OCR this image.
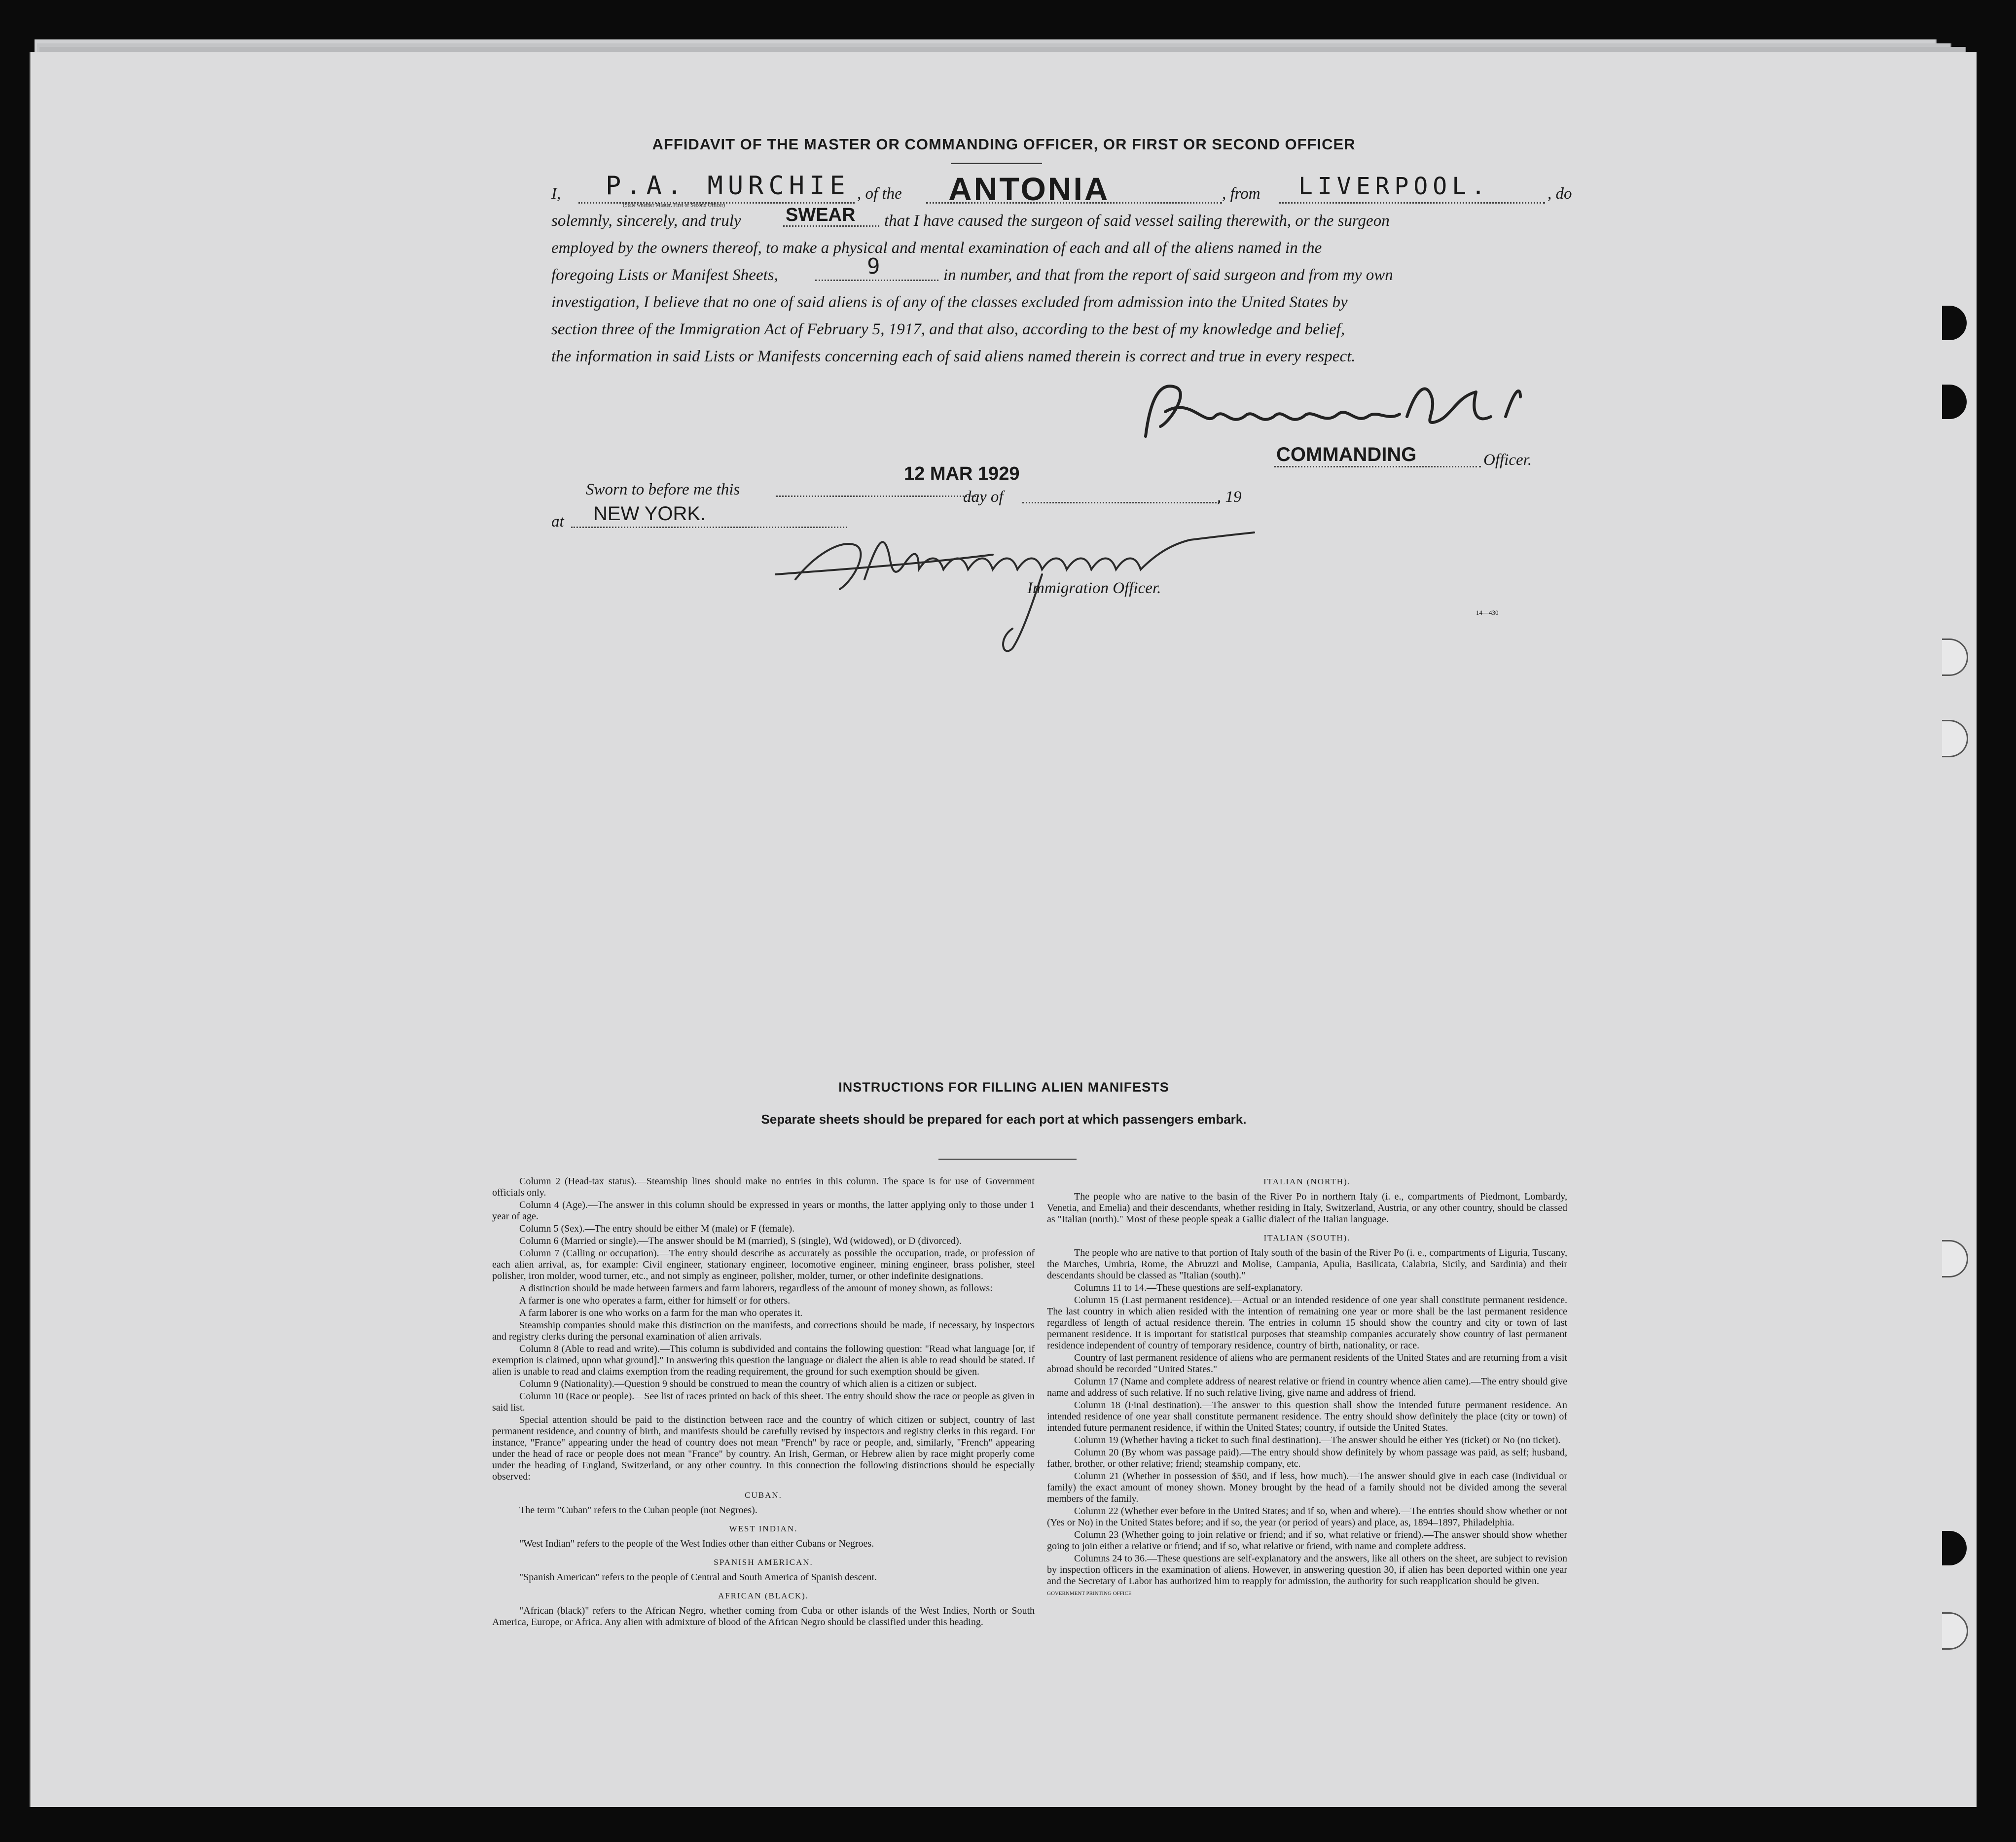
AFFIDAVIT OF THE MASTER OR COMMANDING OFFICER, OR FIRST OR SECOND OFFICER
I, P.A. MURCHIE
(State whether Master, First or Second Officer)
, of the ANTONIA	, from LIVERPOOL.	, do
solemnly, sincerely, and truly SWEAR that I have caused the surgeon of said vessel sailing therewith, or the surgeon
employed by the owners thereof, to make a physical and mental examination of each and all of the aliens named in the
foregoing Lists or Manifest Sheets,	9	in number, and that from the report of said surgeon and from my own
investigation, I believe that no one of said aliens is of any of the classes excluded from admission into the United States by
section three of the Immigration Act of February 5, 1917, and that also, according to the best of my knowledge and belief,
the information in said Lists or Manifests concerning each of said aliens named therein is correct and true in every respect.
COMMANDING	Officer.
Sworn to before me this
12 MAR 1929
day of	, 19
at NEW YORK.
Immigration Officer.
14—430
INSTRUCTIONS FOR FILLING ALIEN MANIFESTS
Separate sheets should be prepared for each port at which passengers embark.

Column 2 (Head-tax status).—Steamship lines should make no entries in this column. The space is for use of Government officials only.

Column 4 (Age).—The answer in this column should be expressed in years or months, the latter applying only to those under 1 year of age.

Column 5 (Sex).—The entry should be either M (male) or F (female).

Column 6 (Married or single).—The answer should be M (married), S (single), Wd (widowed), or D (divorced).

Column 7 (Calling or occupation).—The entry should describe as accurately as possible the occupation, trade, or profession of each alien arrival, as, for example: Civil engineer, stationary engineer, locomotive engineer, mining engineer, brass polisher, steel polisher, iron molder, wood turner, etc., and not simply as engineer, polisher, molder, turner, or other indefinite designations.

A distinction should be made between farmers and farm laborers, regardless of the amount of money shown, as follows:

A farmer is one who operates a farm, either for himself or for others.

A farm laborer is one who works on a farm for the man who operates it.

Steamship companies should make this distinction on the manifests, and corrections should be made, if necessary, by inspectors and registry clerks during the personal examination of alien arrivals.

Column 8 (Able to read and write).—This column is subdivided and contains the following question: "Read what language [or, if exemption is claimed, upon what ground]." In answering this question the language or dialect the alien is able to read should be stated. If alien is unable to read and claims exemption from the reading requirement, the ground for such exemption should be given.

Column 9 (Nationality).—Question 9 should be construed to mean the country of which alien is a citizen or subject.

Column 10 (Race or people).—See list of races printed on back of this sheet. The entry should show the race or people as given in said list.

Special attention should be paid to the distinction between race and the country of which citizen or subject, country of last permanent residence, and country of birth, and manifests should be carefully revised by inspectors and registry clerks in this regard. For instance, "France" appearing under the head of country does not mean "French" by race or people, and, similarly, "French" appearing under the head of race or people does not mean "France" by country. An Irish, German, or Hebrew alien by race might properly come under the heading of England, Switzerland, or any other country. In this connection the following distinctions should be especially observed:

CUBAN.

The term "Cuban" refers to the Cuban people (not Negroes).

WEST INDIAN.

"West Indian" refers to the people of the West Indies other than either Cubans or Negroes.

SPANISH AMERICAN.

"Spanish American" refers to the people of Central and South America of Spanish descent.

AFRICAN (BLACK).

"African (black)" refers to the African Negro, whether coming from Cuba or other islands of the West Indies, North or South America, Europe, or Africa. Any alien with admixture of blood of the African Negro should be classified under this heading.

ITALIAN (NORTH).

The people who are native to the basin of the River Po in northern Italy (i. e., compartments of Piedmont, Lombardy, Venetia, and Emelia) and their descendants, whether residing in Italy, Switzerland, Austria, or any other country, should be classed as "Italian (north)." Most of these people speak a Gallic dialect of the Italian language.

ITALIAN (SOUTH).

The people who are native to that portion of Italy south of the basin of the River Po (i. e., compartments of Liguria, Tuscany, the Marches, Umbria, Rome, the Abruzzi and Molise, Campania, Apulia, Basilicata, Calabria, Sicily, and Sardinia) and their descendants should be classed as "Italian (south)."

Columns 11 to 14.—These questions are self-explanatory.

Column 15 (Last permanent residence).—Actual or an intended residence of one year shall constitute permanent residence. The last country in which alien resided with the intention of remaining one year or more shall be the last permanent residence regardless of length of actual residence therein. The entries in column 15 should show the country and city or town of last permanent residence. It is important for statistical purposes that steamship companies accurately show country of last permanent residence independent of country of temporary residence, country of birth, nationality, or race.

Country of last permanent residence of aliens who are permanent residents of the United States and are returning from a visit abroad should be recorded "United States."

Column 17 (Name and complete address of nearest relative or friend in country whence alien came).—The entry should give name and address of such relative. If no such relative living, give name and address of friend.

Column 18 (Final destination).—The answer to this question shall show the intended future permanent residence. An intended residence of one year shall constitute permanent residence. The entry should show definitely the place (city or town) of intended future permanent residence, if within the United States; country, if outside the United States.

Column 19 (Whether having a ticket to such final destination).—The answer should be either Yes (ticket) or No (no ticket).

Column 20 (By whom was passage paid).—The entry should show definitely by whom passage was paid, as self; husband, father, brother, or other relative; friend; steamship company, etc.

Column 21 (Whether in possession of $50, and if less, how much).—The answer should give in each case (individual or family) the exact amount of money shown. Money brought by the head of a family should not be divided among the several members of the family.

Column 22 (Whether ever before in the United States; and if so, when and where).—The entries should show whether or not (Yes or No) in the United States before; and if so, the year (or period of years) and place, as, 1894–1897, Philadelphia.

Column 23 (Whether going to join relative or friend; and if so, what relative or friend).—The answer should show whether going to join either a relative or friend; and if so, what relative or friend, with name and complete address.

Columns 24 to 36.—These questions are self-explanatory and the answers, like all others on the sheet, are subject to revision by inspection officers in the examination of aliens. However, in answering question 30, if alien has been deported within one year and the Secretary of Labor has authorized him to reapply for admission, the authority for such reapplication should be given.

GOVERNMENT PRINTING OFFICE
